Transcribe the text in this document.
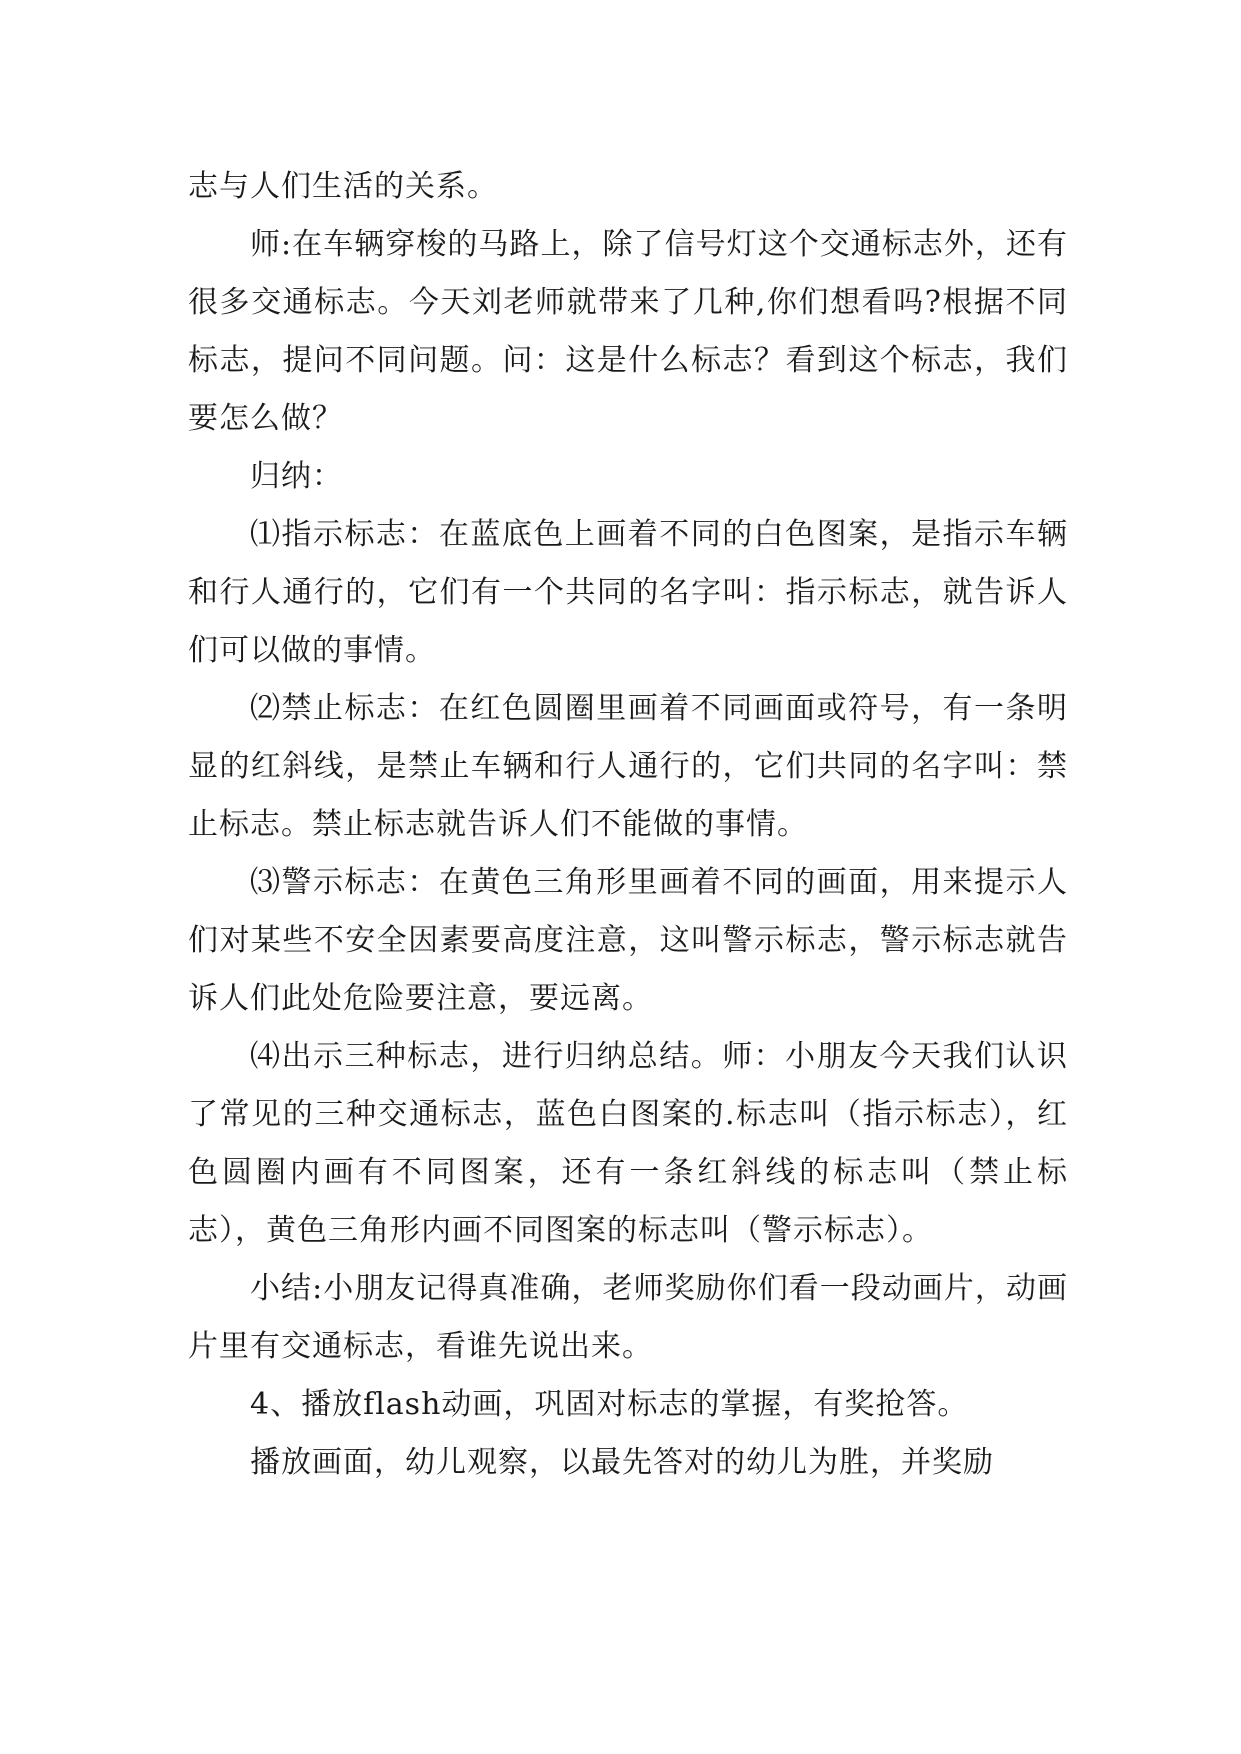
志与人们生活的关系。

师:在车辆穿梭的马路上，除了信号灯这个交通标志外，还有很多交通标志。今天刘老师就带来了几种,你们想看吗?根据不同标志，提问不同问题。问：这是什么标志？看到这个标志，我们要怎么做？

归纳：

⑴指示标志：在蓝底色上画着不同的白色图案，是指示车辆和行人通行的，它们有一个共同的名字叫：指示标志，就告诉人们可以做的事情。

⑵禁止标志：在红色圆圈里画着不同画面或符号，有一条明显的红斜线，是禁止车辆和行人通行的，它们共同的名字叫：禁止标志。禁止标志就告诉人们不能做的事情。

⑶警示标志：在黄色三角形里画着不同的画面，用来提示人们对某些不安全因素要高度注意，这叫警示标志，警示标志就告诉人们此处危险要注意，要远离。

⑷出示三种标志，进行归纳总结。师：小朋友今天我们认识了常见的三种交通标志，蓝色白图案的.标志叫（指示标志），红色圆圈内画有不同图案，还有一条红斜线的标志叫（禁止标志），黄色三角形内画不同图案的标志叫（警示标志）。

小结:小朋友记得真准确，老师奖励你们看一段动画片，动画片里有交通标志，看谁先说出来。

4、播放flash动画，巩固对标志的掌握，有奖抢答。

播放画面，幼儿观察，以最先答对的幼儿为胜，并奖励
